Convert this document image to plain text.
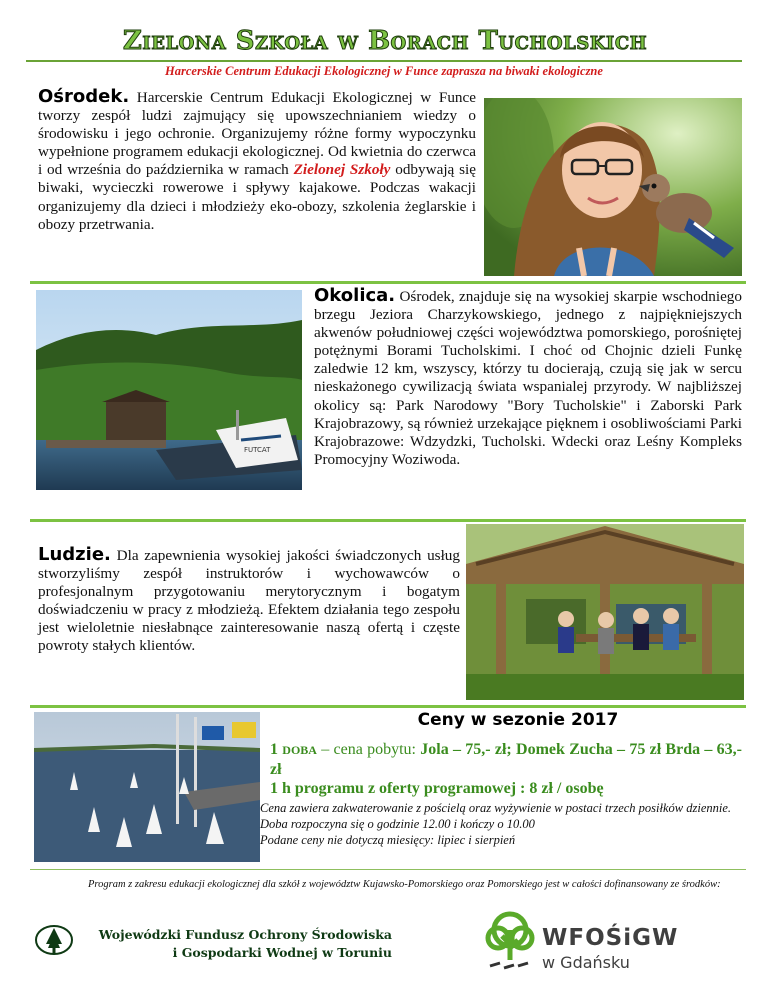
Zielona Szkoła w Borach Tucholskich
Harcerskie Centrum Edukacji Ekologicznej w Funce zaprasza na biwaki ekologiczne
Ośrodek. Harcerskie Centrum Edukacji Ekologicznej w Funce tworzy zespół ludzi zajmujący się upowszechnianiem wiedzy o środowisku i jego ochronie. Organizujemy różne formy wypoczynku wypełnione programem edukacji ekologicznej. Od kwietnia do czerwca i od września do października w ramach Zielonej Szkoły odbywają się biwaki, wycieczki rowerowe i spływy kajakowe. Podczas wakacji organizujemy dla dzieci i młodzieży eko-obozy, szkolenia żeglarskie i obozy przetrwania.
FUTCAT
Okolica. Ośrodek, znajduje się na wysokiej skarpie wschodniego brzegu Jeziora Charzykowskiego, jednego z najpiękniejszych akwenów południowej części województwa pomorskiego, porośniętej potężnymi Borami Tucholskimi. I choć od Chojnic dzieli Funkę zaledwie 12 km, wszyscy, którzy tu docierają, czują się jak w sercu nieskażonego cywilizacją świata wspanialej przyrody. W najbliższej okolicy są: Park Narodowy "Bory Tucholskie" i Zaborski Park Krajobrazowy, są również urzekające pięknem i osobliwościami Parki Krajobrazowe: Wdzydzki, Tucholski. Wdecki oraz Leśny Kompleks Promocyjny Woziwoda.
Ludzie. Dla zapewnienia wysokiej jakości świadczonych usług stworzyliśmy zespół instruktorów i wychowawców o profesjonalnym przygotowaniu merytorycznym i bogatym doświadczeniu w pracy z młodzieżą. Efektem działania tego zespołu jest wieloletnie niesłabnące zainteresowanie naszą ofertą i częste powroty stałych klientów.
Ceny w sezonie 2017
1 DOBA – cena pobytu: Jola – 75,- zł; Domek Zucha – 75 zł Brda – 63,- zł
1 h programu z oferty programowej : 8 zł / osobę
Cena zawiera zakwaterowanie z pościelą oraz wyżywienie w postaci trzech posiłków dziennie.
Doba rozpoczyna się o godzinie 12.00 i kończy o 10.00
Podane ceny nie dotyczą miesięcy: lipiec i sierpień
Program z zakresu edukacji ekologicznej dla szkół z województw Kujawsko-Pomorskiego oraz Pomorskiego jest w całości dofinansowany ze środków:
Wojewódzki Fundusz Ochrony Środowiska
i Gospodarki Wodnej w Toruniu
WFOŚiGW
w Gdańsku
